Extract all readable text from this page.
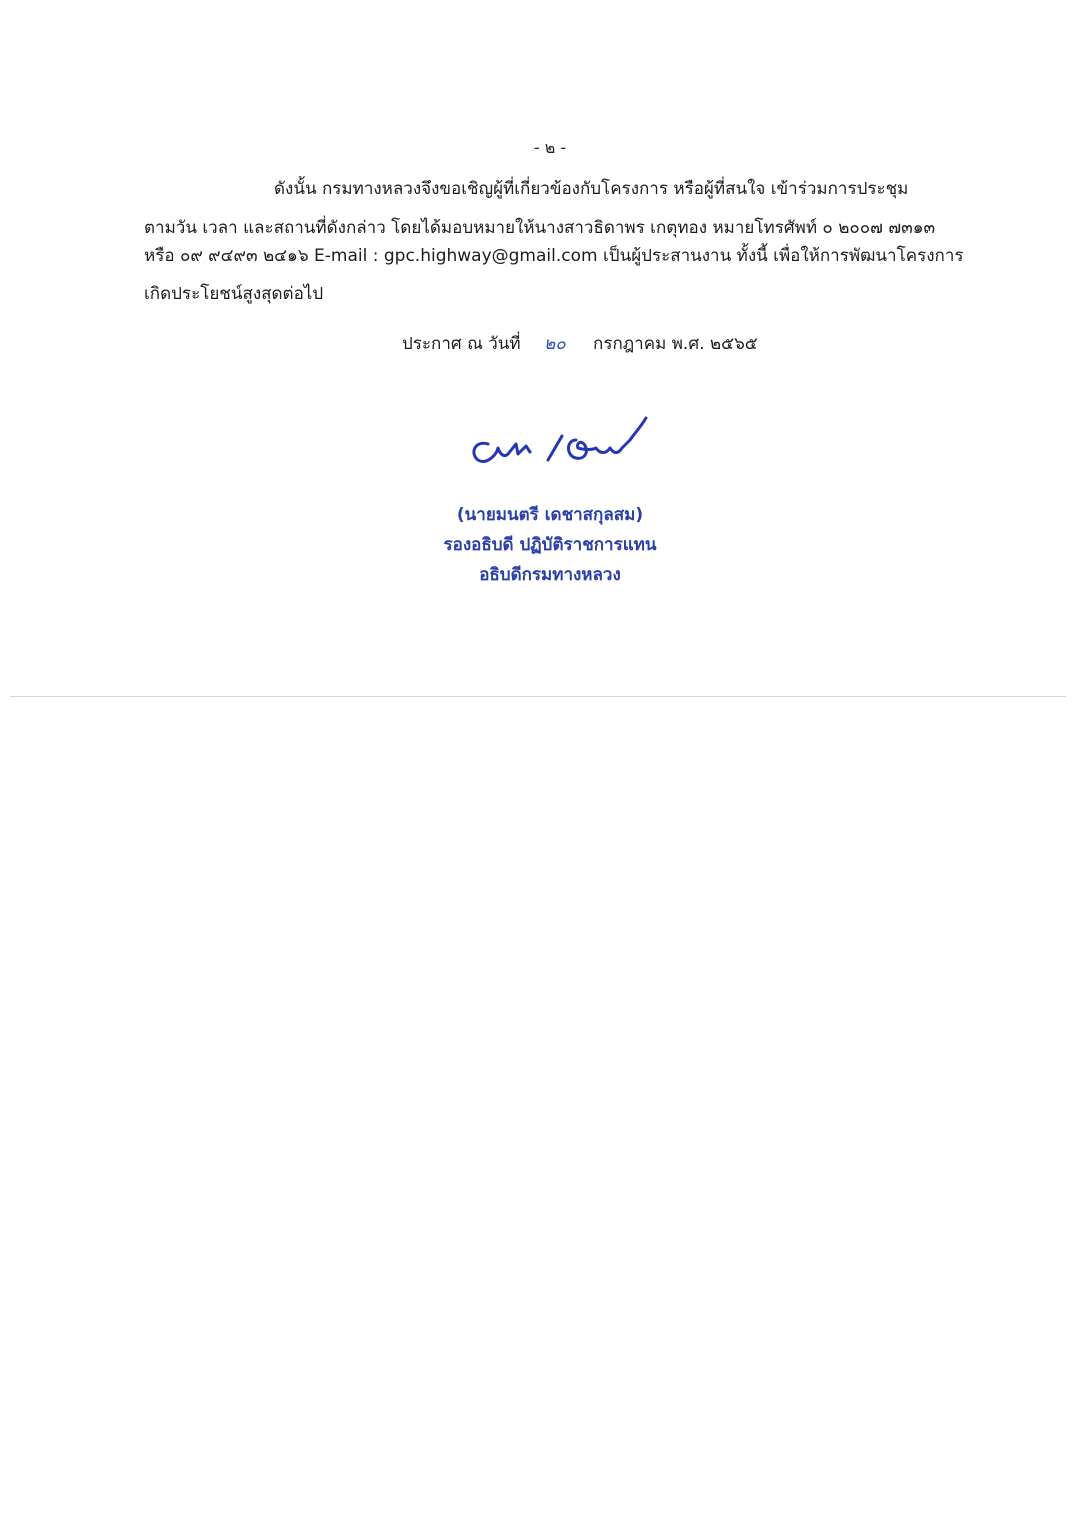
- ๒ -
ดังนั้น กรมทางหลวงจึงขอเชิญผู้ที่เกี่ยวข้องกับโครงการ หรือผู้ที่สนใจ เข้าร่วมการประชุม
ตามวัน เวลา และสถานที่ดังกล่าว โดยได้มอบหมายให้นางสาวธิดาพร เกตุทอง หมายโทรศัพท์ ๐ ๒๐๐๗ ๗๓๑๓
หรือ ๐๙ ๙๔๙๓ ๒๔๑๖ E-mail : gpc.highway@gmail.com เป็นผู้ประสานงาน ทั้งนี้ เพื่อให้การพัฒนาโครงการ
เกิดประโยชน์สูงสุดต่อไป
ประกาศ ณ วันที่ ๒๐ กรกฎาคม พ.ศ. ๒๕๖๕
(นายมนตรี เดชาสกุลสม)
รองอธิบดี ปฏิบัติราชการแทน
อธิบดีกรมทางหลวง
